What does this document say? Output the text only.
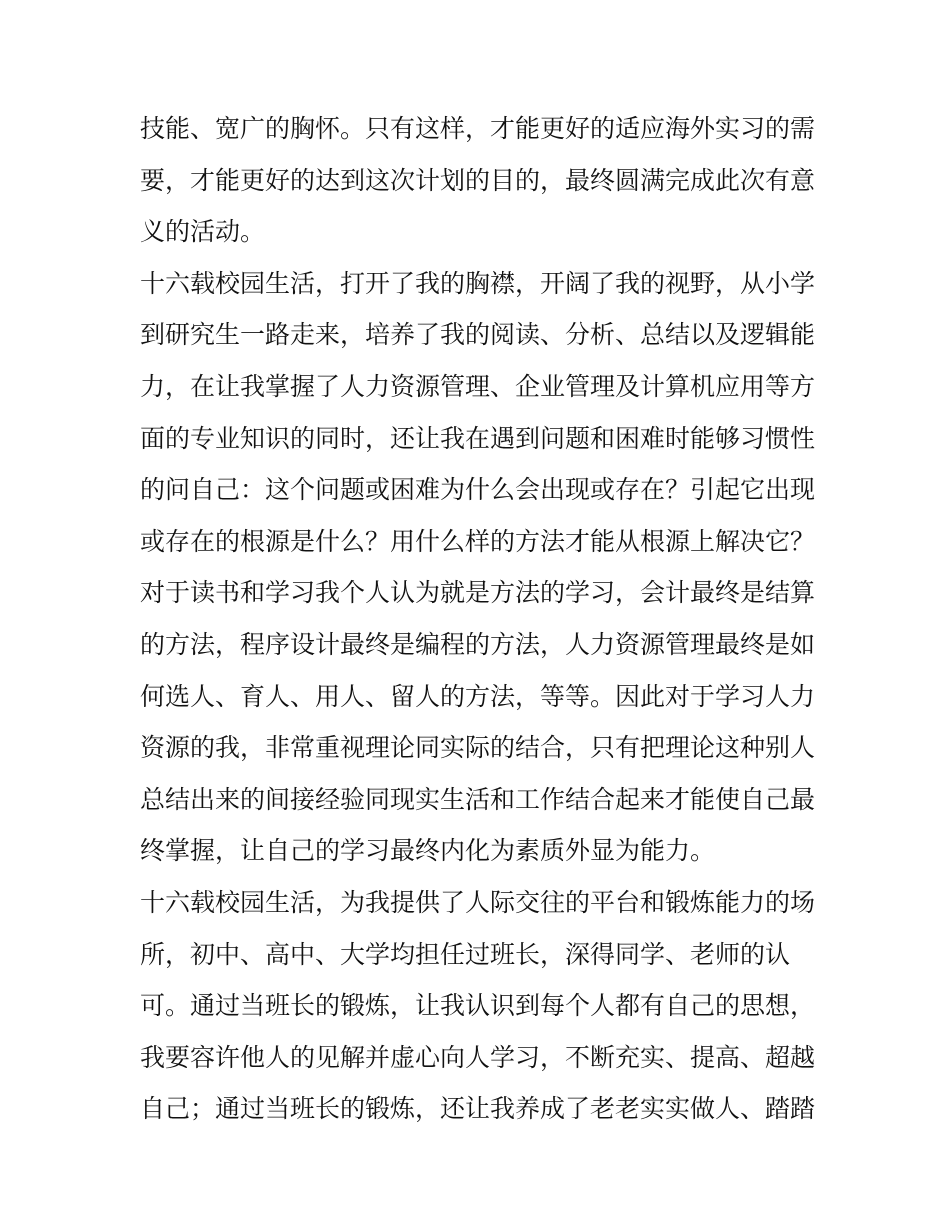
技能、宽广的胸怀。只有这样，才能更好的适应海外实习的需
要，才能更好的达到这次计划的目的，最终圆满完成此次有意
义的活动。
十六载校园生活，打开了我的胸襟，开阔了我的视野，从小学
到研究生一路走来，培养了我的阅读、分析、总结以及逻辑能
力，在让我掌握了人力资源管理、企业管理及计算机应用等方
面的专业知识的同时，还让我在遇到问题和困难时能够习惯性
的问自己：这个问题或困难为什么会出现或存在？引起它出现
或存在的根源是什么？用什么样的方法才能从根源上解决它？
对于读书和学习我个人认为就是方法的学习，会计最终是结算
的方法，程序设计最终是编程的方法，人力资源管理最终是如
何选人、育人、用人、留人的方法，等等。因此对于学习人力
资源的我，非常重视理论同实际的结合，只有把理论这种别人
总结出来的间接经验同现实生活和工作结合起来才能使自己最
终掌握，让自己的学习最终内化为素质外显为能力。
十六载校园生活，为我提供了人际交往的平台和锻炼能力的场
所，初中、高中、大学均担任过班长，深得同学、老师的认
可。通过当班长的锻炼，让我认识到每个人都有自己的思想，
我要容许他人的见解并虚心向人学习，不断充实、提高、超越
自己；通过当班长的锻炼，还让我养成了老老实实做人、踏踏
